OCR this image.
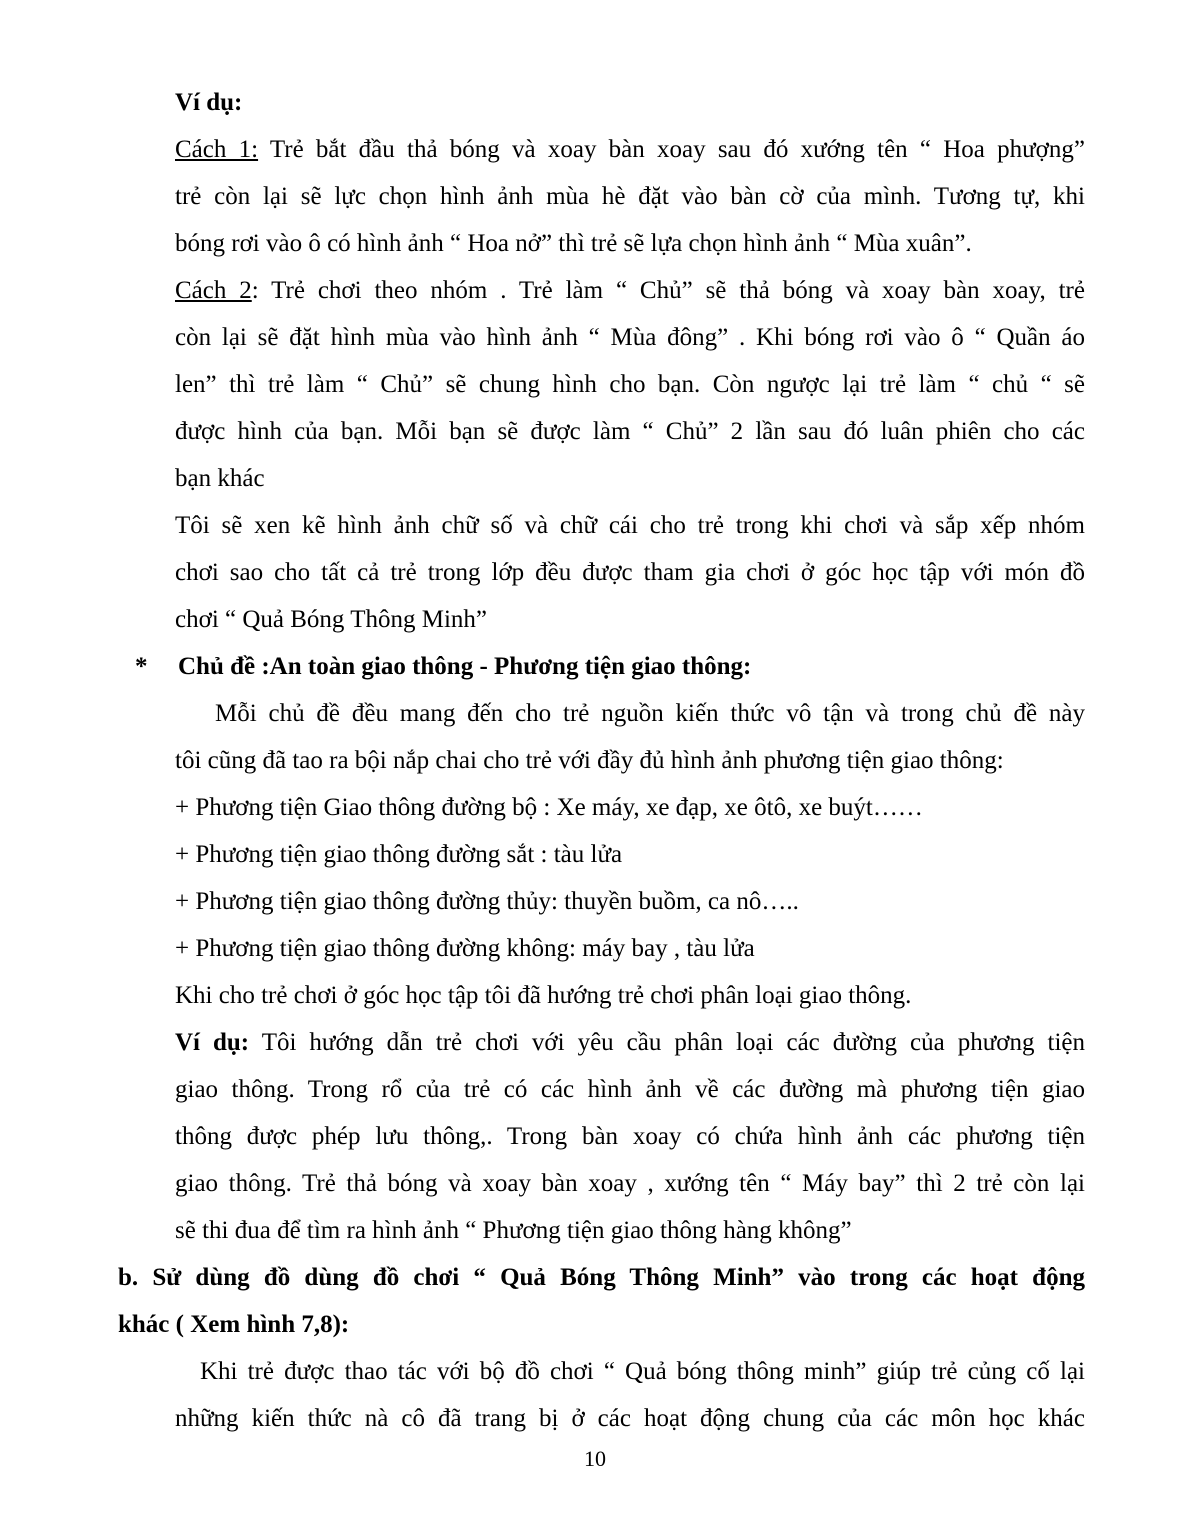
Ví dụ:
Cách 1: Trẻ bắt đầu thả bóng và xoay bàn xoay sau đó xướng tên “ Hoa phượng”
trẻ còn lại sẽ lực chọn hình ảnh mùa hè đặt vào bàn cờ của mình. Tương tự, khi
bóng rơi vào ô có hình ảnh “ Hoa nở” thì trẻ sẽ lựa chọn hình ảnh “ Mùa xuân”.
Cách 2: Trẻ chơi theo nhóm . Trẻ làm “ Chủ” sẽ thả bóng và xoay bàn xoay, trẻ
còn lại sẽ đặt hình mùa vào hình ảnh “ Mùa đông” . Khi bóng rơi vào ô “ Quần áo
len” thì trẻ làm “ Chủ” sẽ chung hình cho bạn. Còn ngược lại trẻ làm “ chủ “ sẽ
được hình của bạn. Mỗi bạn sẽ được làm “ Chủ” 2 lần sau đó luân phiên cho các
bạn khác
Tôi sẽ xen kẽ hình ảnh chữ số và chữ cái cho trẻ trong khi chơi và sắp xếp nhóm
chơi sao cho tất cả trẻ trong lớp đều được tham gia chơi ở góc học tập với món đồ
chơi “ Quả Bóng Thông Minh”
* Chủ đề :An toàn giao thông - Phương tiện giao thông:
Mỗi chủ đề đều mang đến cho trẻ nguồn kiến thức vô tận và trong chủ đề này
tôi cũng đã tao ra bội nắp chai cho trẻ với đầy đủ hình ảnh phương tiện giao thông:
+ Phương tiện Giao thông đường bộ : Xe máy, xe đạp, xe ôtô, xe buýt……
+ Phương tiện giao thông đường sắt : tàu lửa
+ Phương tiện giao thông đường thủy: thuyền buồm, ca nô…..
+ Phương tiện giao thông đường không: máy bay , tàu lửa
Khi cho trẻ chơi ở góc học tập tôi đã hướng trẻ chơi phân loại giao thông.
Ví dụ: Tôi hướng dẫn trẻ chơi với yêu cầu phân loại các đường của phương tiện
giao thông. Trong rổ của trẻ có các hình ảnh về các đường mà phương tiện giao
thông được phép lưu thông,. Trong bàn xoay có chứa hình ảnh các phương tiện
giao thông. Trẻ thả bóng và xoay bàn xoay , xướng tên “ Máy bay” thì 2 trẻ còn lại
sẽ thi đua để tìm ra hình ảnh “ Phương tiện giao thông hàng không”
b. Sử dùng đồ dùng đồ chơi “ Quả Bóng Thông Minh” vào trong các hoạt động
khác ( Xem hình 7,8):
Khi trẻ được thao tác với bộ đồ chơi “ Quả bóng thông minh” giúp trẻ củng cố lại
những kiến thức nà cô đã trang bị ở các hoạt động chung của các môn học khác
10
